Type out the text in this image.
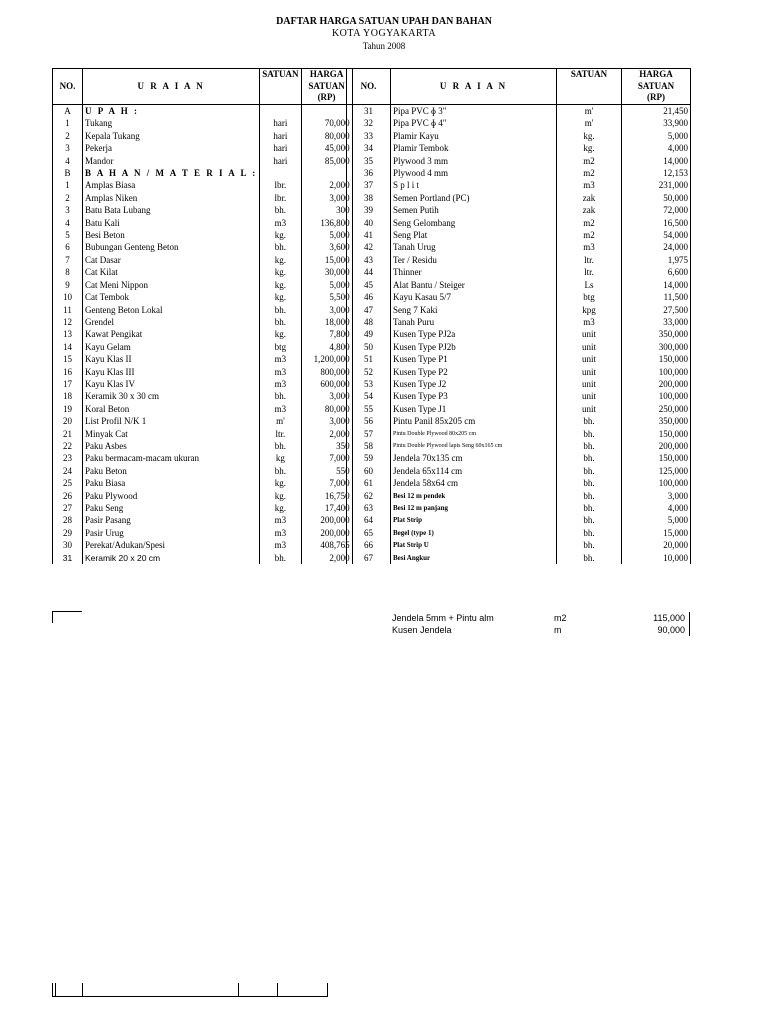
DAFTAR HARGA SATUAN UPAH DAN BAHAN
KOTA YOGYAKARTA
Tahun 2008
NO.	U R A I A N	SATUAN	HARGA
SATUAN
(RP)

A	U P A H :		
1	Tukang	hari	70,000
2	Kepala Tukang	hari	80,000
3	Pekerja	hari	45,000
4	Mandor	hari	85,000
B	B A H A N / M A T E R I A L :		
1	Amplas Biasa	lbr.	2,000
2	Amplas Niken	lbr.	3,000
3	Batu Bata Lubang	bh.	300
4	Batu Kali	m3	136,800
5	Besi Beton	kg.	5,000
6	Bubungan Genteng Beton	bh.	3,600
7	Cat Dasar	kg.	15,000
8	Cat Kilat	kg.	30,000
9	Cat Meni Nippon	kg.	5,000
10	Cat Tembok	kg.	5,500
11	Genteng Beton Lokal	bh.	3,000
12	Grendel	bh.	18,000
13	Kawat Pengikat	kg.	7,800
14	Kayu Gelam	btg	4,800
15	Kayu Klas II	m3	1,200,000
16	Kayu Klas III	m3	800,000
17	Kayu Klas IV	m3	600,000
18	Keramik 30 x 30 cm	bh.	3,000
19	Koral Beton	m3	80,000
20	List Profil N/K 1	m'	3,000
21	Minyak Cat	ltr.	2,000
22	Paku Asbes	bh.	350
23	Paku bermacam-macam ukuran	kg	7,000
24	Paku Beton	bh.	550
25	Paku Biasa	kg.	7,000
26	Paku Plywood	kg.	16,750
27	Paku Seng	kg.	17,400
28	Pasir Pasang	m3	200,000
29	Pasir Urug	m3	200,000
30	Perekat/Adukan/Spesi	m3	408,765
31	Keramik 20 x 20 cm	bh.	2,000
NO.	U R A I A N	SATUAN	HARGA
SATUAN
(RP)

31	Pipa PVC ɸ 3"	m'	21,450
32	Pipa PVC ɸ 4"	m'	33,900
33	Plamir Kayu	kg.	5,000
34	Plamir Tembok	kg.	4,000
35	Plywood 3 mm	m2	14,000
36	Plywood 4 mm	m2	12,153
37	S p l i t	m3	231,000
38	Semen Portland (PC)	zak	50,000
39	Semen Putih	zak	72,000
40	Seng Gelombang	m2	16,500
41	Seng Plat	m2	54,000
42	Tanah Urug	m3	24,000
43	Ter / Residu	ltr.	1,975
44	Thinner	ltr.	6,600
45	Alat Bantu / Steiger	Ls	14,000
46	Kayu Kasau 5/7	btg	11,500
47	Seng 7 Kaki	kpg	27,500
48	Tanah Puru	m3	33,000
49	Kusen Type PJ2a	unit	350,000
50	Kusen Type PJ2b	unit	300,000
51	Kusen Type P1	unit	150,000
52	Kusen Type P2	unit	100,000
53	Kusen Type J2	unit	200,000
54	Kusen Type P3	unit	100,000
55	Kusen Type J1	unit	250,000
56	Pintu Panil 85x205 cm	bh.	350,000
57	Pintu Double Plywood 80x205 cm	bh.	150,000
58	Pintu Double Plywood lapis Seng 60x165 cm	bh.	200,000
59	Jendela 70x135 cm	bh.	150,000
60	Jendela 65x114 cm	bh.	125,000
61	Jendela 58x64 cm	bh.	100,000
62	Besi 12 m pendek	bh.	3,000
63	Besi 12 m panjang	bh.	4,000
64	Plat Strip	bh.	5,000
65	Begel (type 1)	bh.	15,000
66	Plat Strip U	bh.	20,000
67	Besi Angkur	bh.	10,000
Jendela 5mm + Pintu alm	m2	115,000
Kusen Jendela	m	90,000
